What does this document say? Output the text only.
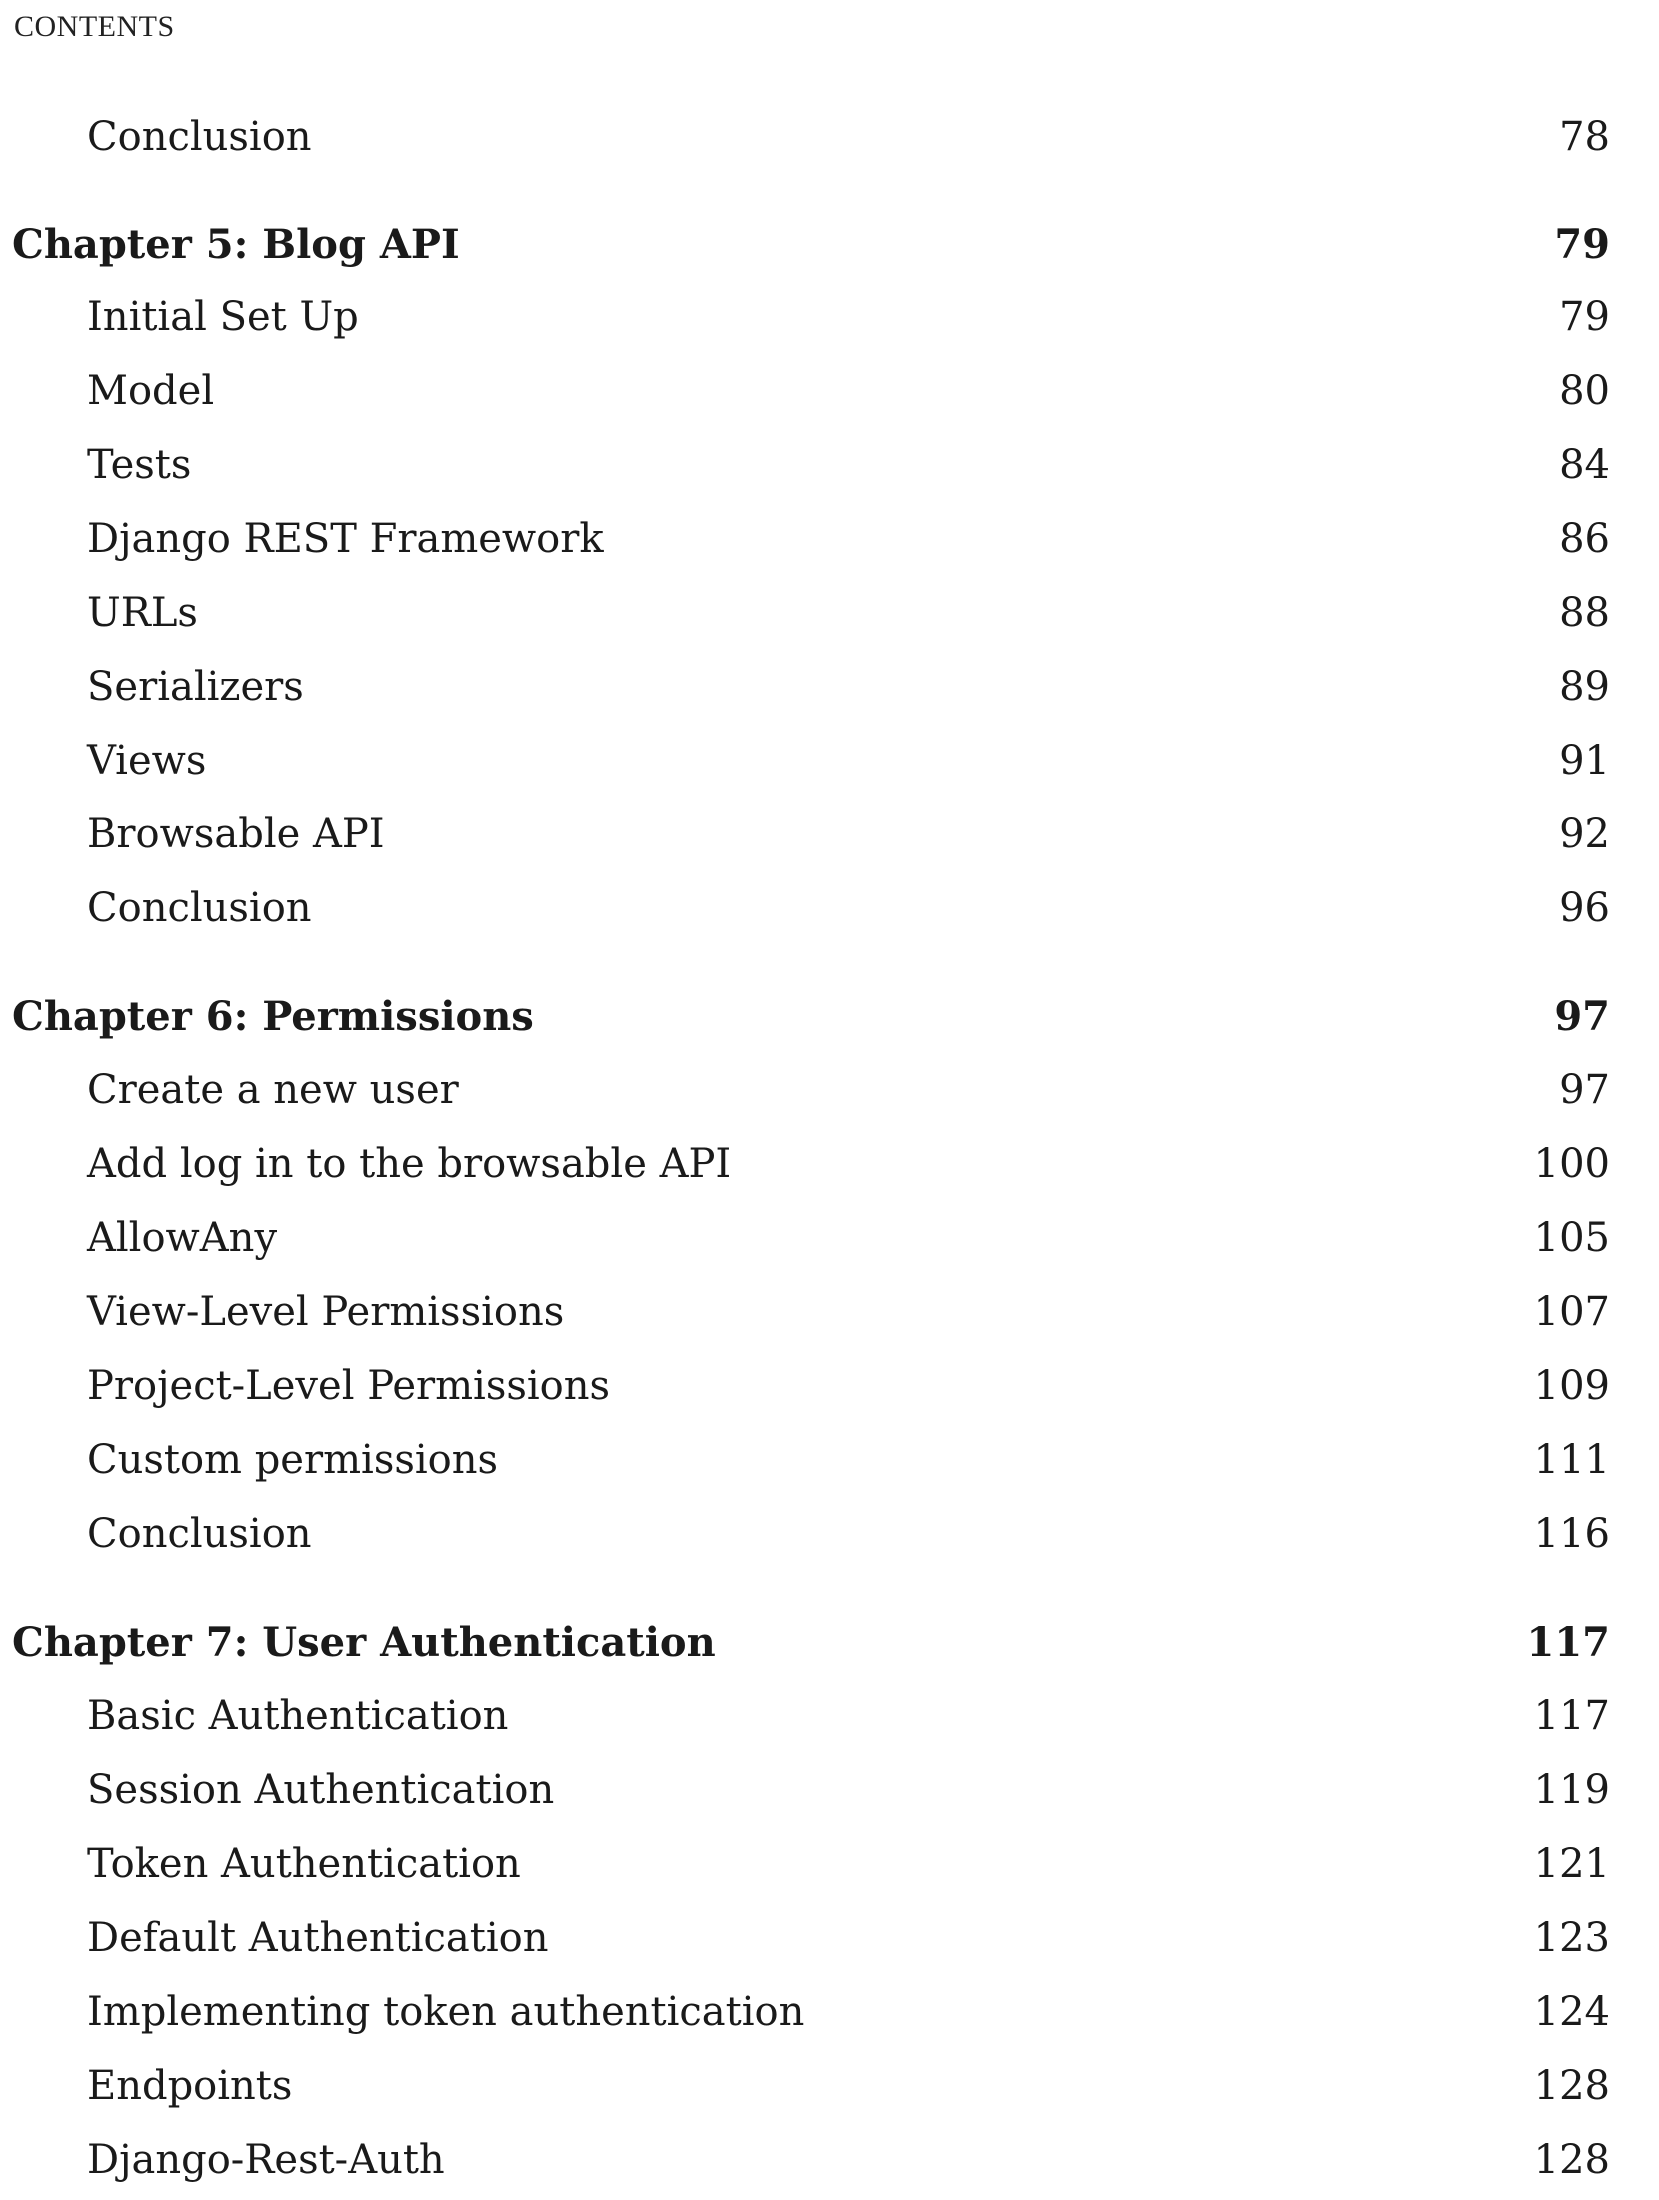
CONTENTS
Conclusion	78
Chapter 5: Blog API	79
Initial Set Up	79
Model	80
Tests	84
Django REST Framework	86
URLs	88
Serializers	89
Views	91
Browsable API	92
Conclusion	96
Chapter 6: Permissions	97
Create a new user	97
Add log in to the browsable API	100
AllowAny	105
View-Level Permissions	107
Project-Level Permissions	109
Custom permissions	111
Conclusion	116
Chapter 7: User Authentication	117
Basic Authentication	117
Session Authentication	119
Token Authentication	121
Default Authentication	123
Implementing token authentication	124
Endpoints	128
Django-Rest-Auth	128
